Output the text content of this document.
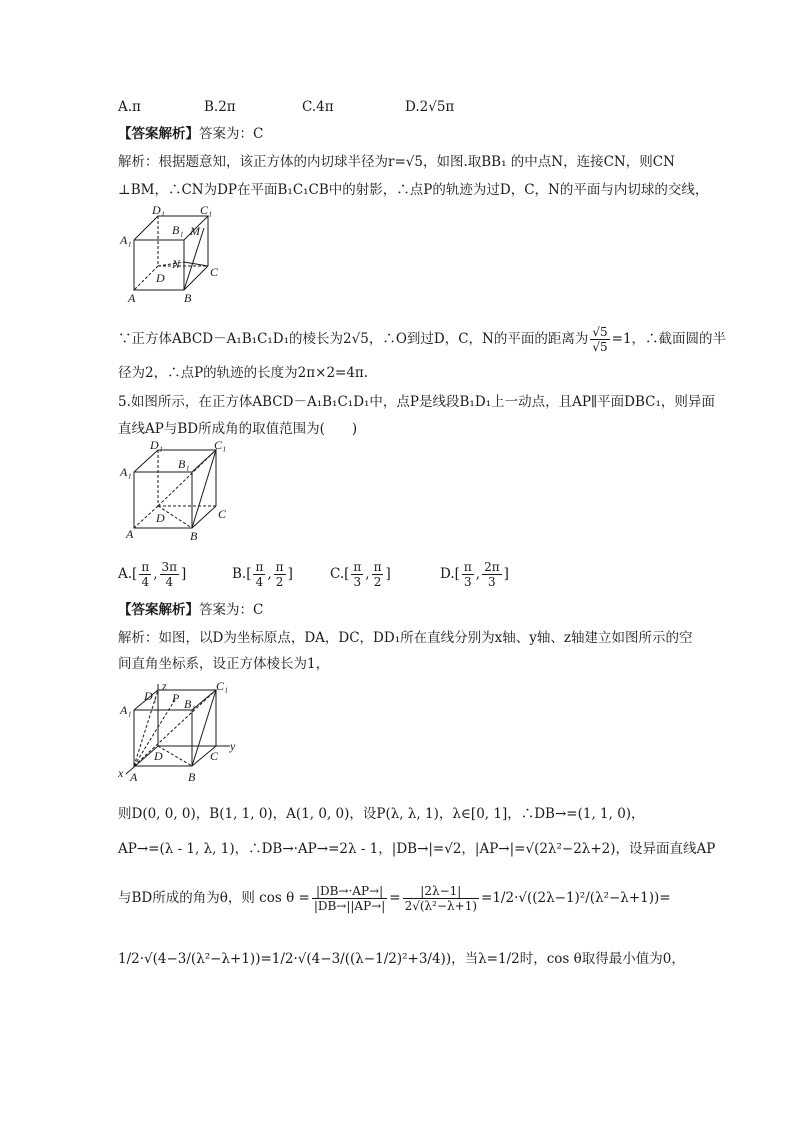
A.π	B.2π	C.4π	D.2√5π
【答案解析】答案为：C
解析：根据题意知，该正方体的内切球半径为r=√5，如图.取BB₁ 的中点N，连接CN，则CN
⊥BM，∴CN为DP在平面B₁C₁CB中的射影，∴点P的轨迹为过D，C，N的平面与内切球的交线，
D₁	C₁
A₁
B₁ M
N
D	C
A	B
∵正方体ABCD－A₁B₁C₁D₁的棱长为2√5，∴O到过D，C，N的平面的距离为 $\frac{√5}{√5} =1$，∴截面圆的半
径为2，∴点P的轨迹的长度为2π×2=4π.
5.如图所示，在正方体ABCD－A₁B₁C₁D₁中，点P是线段B₁D₁上一动点，且AP∥平面DBC₁，则异面
直线AP与BD所成角的取值范围为(　　)
D₁	C₁
A₁
B₁
D	C
A	B
$A.[ \frac{\pi}{4}$ , $\frac{3\pi}{4}$ ]	$B.[ \frac{\pi}{4}$ , $\frac{\pi}{2}$ ]	$C.[ \frac{\pi}{3}$ , $\frac{\pi}{2}$ ]	$D.[ \frac{\pi}{3}$ , $\frac{2\pi}{3}$ ]
【答案解析】答案为：C
解析：如图，以D为坐标原点，DA，DC，DD₁所在直线分别为x轴、y轴、z轴建立如图所示的空
间直角坐标系，设正方体棱长为1，
D₁
z
P B₁
C₁
A₁
D	C
y
x A	B
则D(0, 0, 0)，B(1, 1, 0)，A(1, 0, 0)，设P(λ, λ, 1)，λ∈[0, 1]，∴DB→=(1, 1, 0)，
AP→=(λ - 1, λ, 1)，∴DB→·AP→=2λ - 1，|DB→|=√2，|AP→|=√(2λ²−2λ+2)，设异面直线AP
与BD所成的角为θ，则 $\cos \theta = \frac{|DB\to\cdot AP\to|}{|DB\to||AP\to|} = \frac{|2\lambda-1|}{\text{2√(λ²−λ+1)}} =1/2\cdot√((2\lambda-1)^2/(\lambda^2-\lambda+1))=$
1/2·√(4−3/(λ²−λ+1))=1/2·√(4−3/((λ−1/2)²+3/4))，当λ=1/2时，cos θ取得最小值为0，
